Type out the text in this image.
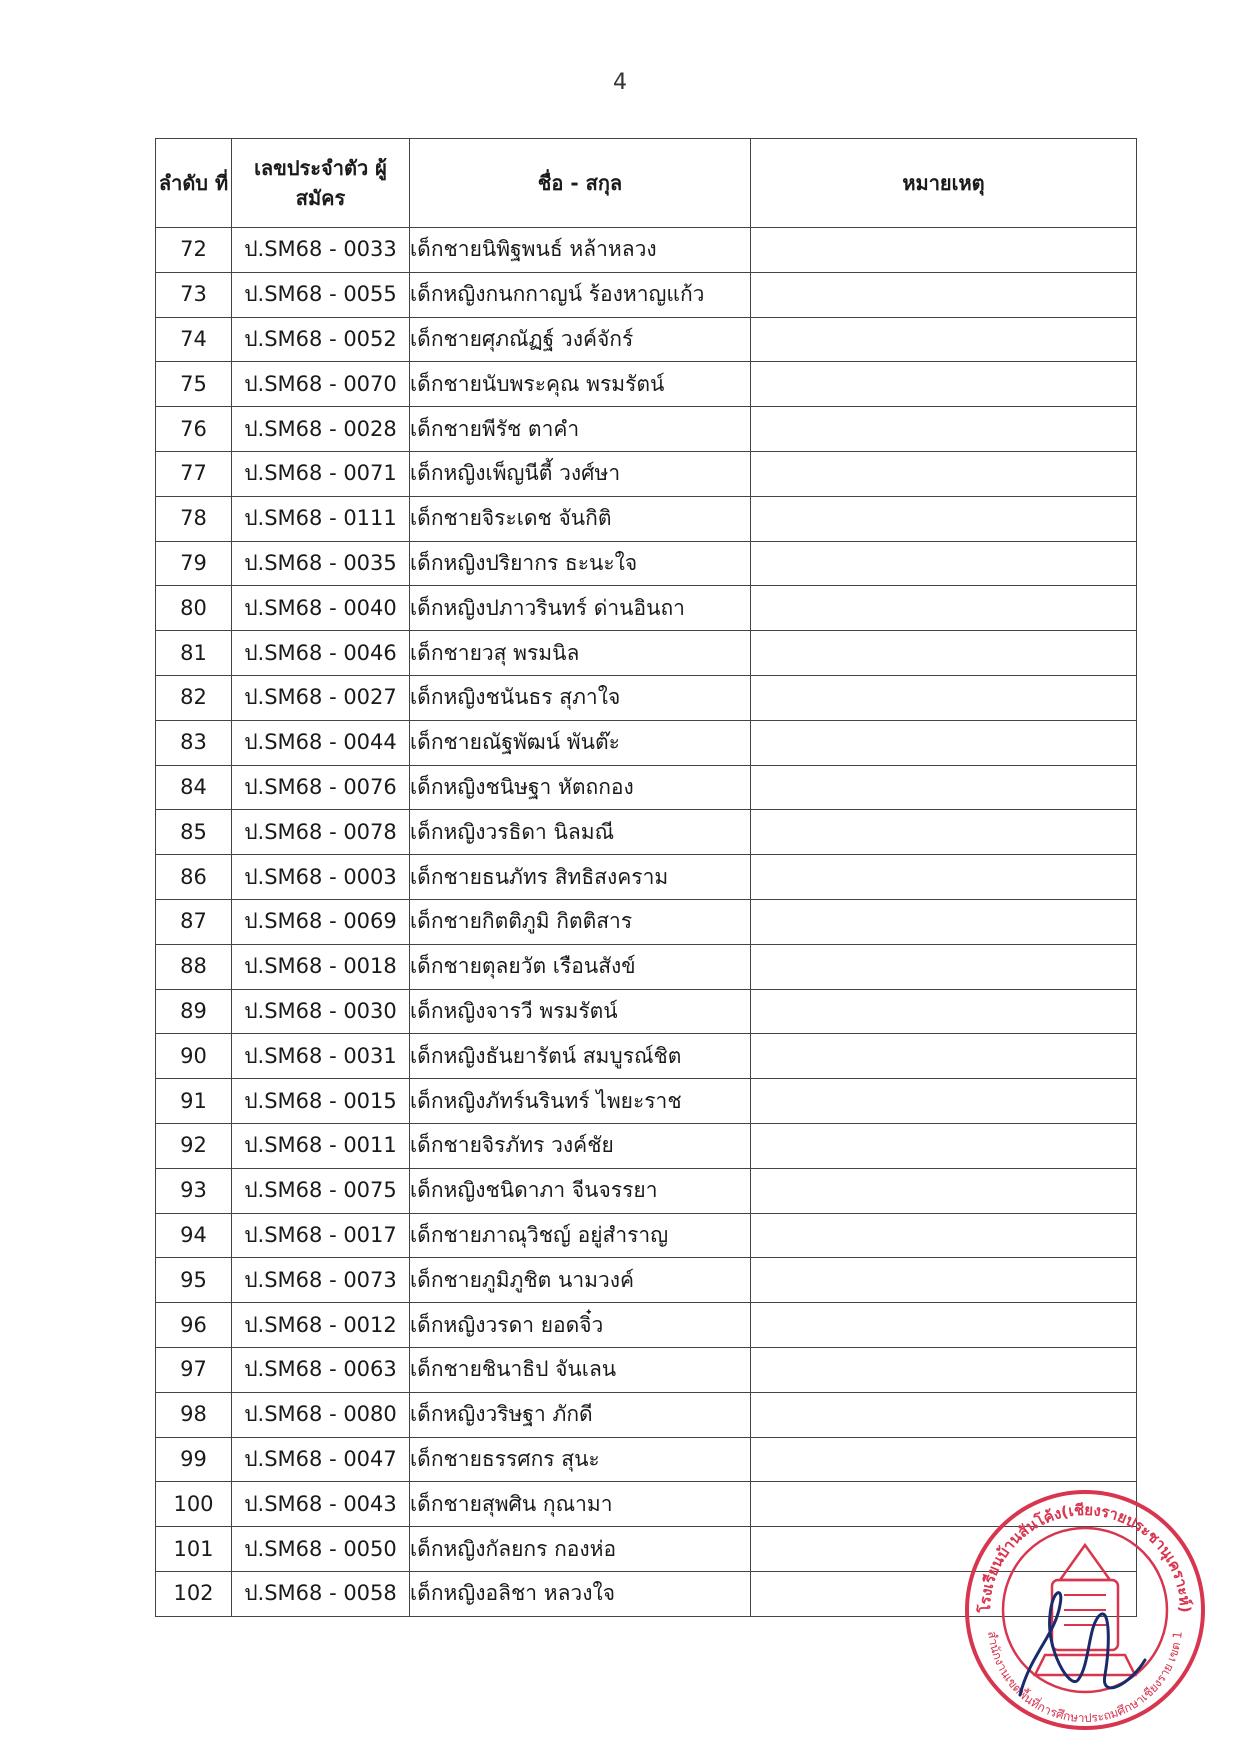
4
ลำดับ ที่	เลขประจำตัว ผู้สมัคร	ชื่อ - สกุล	หมายเหตุ
72	ป.SM68 - 0033	เด็กชายนิพิฐพนธ์ หล้าหลวง	
73	ป.SM68 - 0055	เด็กหญิงกนกกาญน์ ร้องหาญแก้ว	
74	ป.SM68 - 0052	เด็กชายศุภณัฏฐ์ วงค์จักร์	
75	ป.SM68 - 0070	เด็กชายนับพระคุณ พรมรัตน์	
76	ป.SM68 - 0028	เด็กชายพีรัช ตาคำ	
77	ป.SM68 - 0071	เด็กหญิงเพ็ญนีตี้ วงศ์ษา	
78	ป.SM68 - 0111	เด็กชายจิระเดช จันกิติ	
79	ป.SM68 - 0035	เด็กหญิงปริยากร ธะนะใจ	
80	ป.SM68 - 0040	เด็กหญิงปภาวรินทร์ ด่านอินถา	
81	ป.SM68 - 0046	เด็กชายวสุ พรมนิล	
82	ป.SM68 - 0027	เด็กหญิงชนันธร สุภาใจ	
83	ป.SM68 - 0044	เด็กชายณัฐพัฒน์ พันต๊ะ	
84	ป.SM68 - 0076	เด็กหญิงชนิษฐา หัตถกอง	
85	ป.SM68 - 0078	เด็กหญิงวรธิดา นิลมณี	
86	ป.SM68 - 0003	เด็กชายธนภัทร สิทธิสงคราม	
87	ป.SM68 - 0069	เด็กชายกิตติภูมิ กิตติสาร	
88	ป.SM68 - 0018	เด็กชายตุลยวัต เรือนสังข์	
89	ป.SM68 - 0030	เด็กหญิงจารวี พรมรัตน์	
90	ป.SM68 - 0031	เด็กหญิงธันยารัตน์ สมบูรณ์ชิต	
91	ป.SM68 - 0015	เด็กหญิงภัทร์นรินทร์ ไพยะราช	
92	ป.SM68 - 0011	เด็กชายจิรภัทร วงค์ชัย	
93	ป.SM68 - 0075	เด็กหญิงชนิดาภา จีนจรรยา	
94	ป.SM68 - 0017	เด็กชายภาณุวิชญ์ อยู่สำราญ	
95	ป.SM68 - 0073	เด็กชายภูมิภูชิต นามวงค์	
96	ป.SM68 - 0012	เด็กหญิงวรดา ยอดจิ๋ว	
97	ป.SM68 - 0063	เด็กชายชินาธิป จันเลน	
98	ป.SM68 - 0080	เด็กหญิงวริษฐา ภักดี	
99	ป.SM68 - 0047	เด็กชายธรรศกร สุนะ	
100	ป.SM68 - 0043	เด็กชายสุพศิน กุณามา	
101	ป.SM68 - 0050	เด็กหญิงกัลยกร กองห่อ	
102	ป.SM68 - 0058	เด็กหญิงอลิชา หลวงใจ	
โรงเรียนบ้านสันโค้ง(เชียงรายประชานุเคราะห์)
สำนักงานเขตพื้นที่การศึกษาประถมศึกษาเชียงราย เขต 1
